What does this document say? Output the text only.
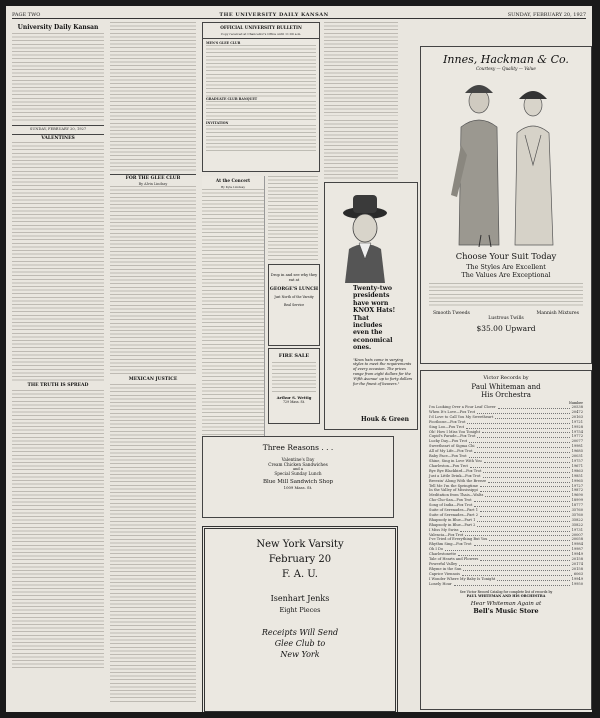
PAGE TWO	THE UNIVERSITY DAILY KANSAN	SUNDAY, FEBRUARY 20, 1927
University Daily Kansan
SUNDAY, FEBRUARY 20, 1927
VALENTINES
THE TRUTH IS SPREAD
FOR THE GLEE CLUB
By Alvin Lindsay
MEXICAN JUSTICE
OFFICIAL UNIVERSITY BULLETIN
Copy received at Chancellor's Office until 11:00 a.m.
MEN'S GLEE CLUB
GRADUATE CLUB BANQUET
INVITATION
At the Concert
By Kyle Lindsay
Drop in and see why they eat at
GEORGE'S LUNCH
Just North of the Varsity
Real Service
FIRE SALE
Arthur S. Wettig
729 Mass. St.
Three Reasons . . .
Valentine's Day
Cream Chicken Sandwiches
and a
Special Sunday Lunch
Blue Mill Sandwich Shop
1009 Mass. St.
New York Varsity
February 20
F. A. U.
Isenhart Jenks
Eight Pieces
Receipts Will Send
Glee Club to
New York
Twenty-two presidents have worn KNOX Hats! That includes even the economical ones.
"Knox hats come in varying styles to meet the requirements of every occasion. The prices range from eight dollars for the 'Fifth Avenue' up to forty dollars for the finest of beavers."
Houk & Green
Innes, Hackman & Co.
Courtesy — Quality — Value
Choose Your Suit Today
The Styles Are Excellent
The Values Are Exceptional
Smooth Tweeds	Mannish Mixtures
Lustrous Twills
$35.00 Upward
Victor Records by
Paul Whiteman and
His Orchestra
Number
I'm Looking Over a Four Leaf Clover	20538
When It's Love—Fox Trot	20472
I'd Love to Call You My Sweetheart	20163
Footloose—Fox Trot	19721
Sing Loo—Fox Trot	19928
Oh! How I Miss You Tonight	19754
Cupid's Parade—Fox Trot	19772
Lucky Day—Fox Trot	20077
Sweetheart of Sigma Chi	19981
All of My Life—Fox Trot	19685
Baby Face—Fox Trot	20031
Shine, Sing in Love With You	19757
Charleston—Fox Trot	19671
Bye Bye Blackbird—Fox Trot	19863
Just a Little Drink—Fox Trot	19851
Breezin' Along With the Breeze	19965
Tell Me I'm the Springtime	19727
In the Valley of Mississippi	19872
Meditation from Thais—Waltz	19690
Cho-Cho-San—Fox Trot	18999
Song of India—Fox Trot	18777
Suite of Serenades—Part 1	35760
Suite of Serenades—Part 2	35760
Rhapsody in Blue—Part 1	35822
Rhapsody in Blue—Part 2	35822
I Miss My Swiss	19731
Valencia—Fox Trot	20007
I've Tried of Everything But You	20058
Rhythm Sing—Fox Trot	19984
Oh I Do	19987
Charlestonette	19949
Tale of Hearts and Flowers	20158
Powerful Valley	20174
Rhyme in the Sun	20158
Caprice Viennois	6063
I Wonder Where My Baby Is Tonight	19949
Lonely Hour	19950
See Victor Record Catalog for complete list of records by
PAUL WHITEMAN AND HIS ORCHESTRA
Hear Whiteman Again at
Bell's Music Store
